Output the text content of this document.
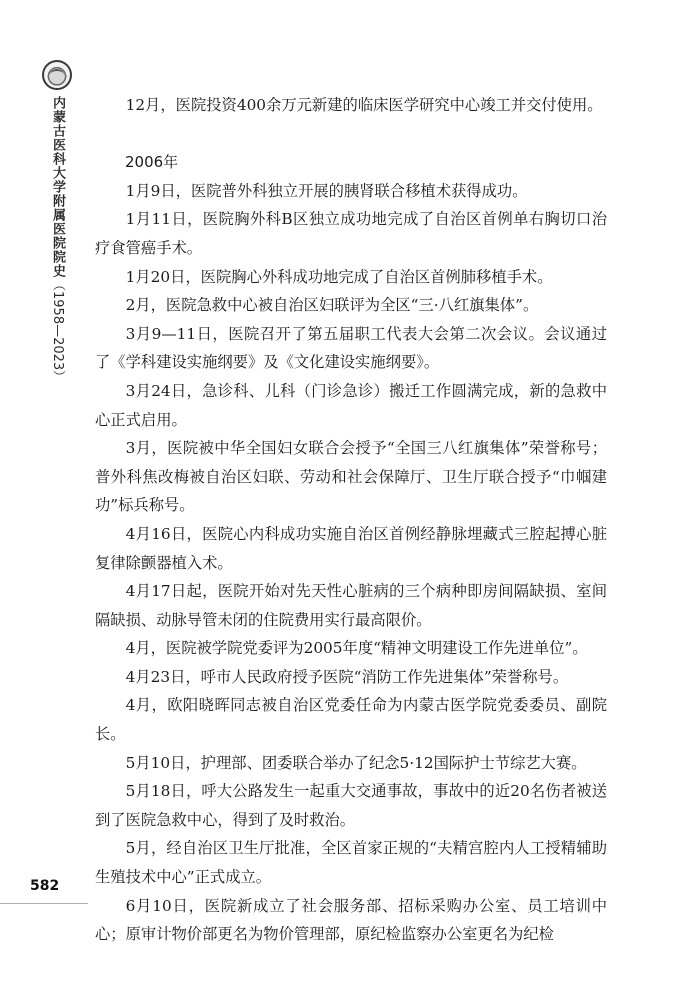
内蒙古医科大学附属医院院史（1958—2023）
582

12月，医院投资400余万元新建的临床医学研究中心竣工并交付使用。

2006年

1月9日，医院普外科独立开展的胰肾联合移植术获得成功。

1月11日，医院胸外科B区独立成功地完成了自治区首例单右胸切口治疗食管癌手术。

1月20日，医院胸心外科成功地完成了自治区首例肺移植手术。

2月，医院急救中心被自治区妇联评为全区“三·八红旗集体”。

3月9—11日，医院召开了第五届职工代表大会第二次会议。会议通过了《学科建设实施纲要》及《文化建设实施纲要》。

3月24日，急诊科、儿科（门诊急诊）搬迁工作圆满完成，新的急救中心正式启用。

3月，医院被中华全国妇女联合会授予“全国三八红旗集体”荣誉称号；普外科焦改梅被自治区妇联、劳动和社会保障厅、卫生厅联合授予“巾帼建功”标兵称号。

4月16日，医院心内科成功实施自治区首例经静脉埋藏式三腔起搏心脏复律除颤器植入术。

4月17日起，医院开始对先天性心脏病的三个病种即房间隔缺损、室间隔缺损、动脉导管未闭的住院费用实行最高限价。

4月，医院被学院党委评为2005年度“精神文明建设工作先进单位”。

4月23日，呼市人民政府授予医院“消防工作先进集体”荣誉称号。

4月，欧阳晓晖同志被自治区党委任命为内蒙古医学院党委委员、副院长。

5月10日，护理部、团委联合举办了纪念5·12国际护士节综艺大赛。

5月18日，呼大公路发生一起重大交通事故，事故中的近20名伤者被送到了医院急救中心，得到了及时救治。

5月，经自治区卫生厅批准，全区首家正规的“夫精宫腔内人工授精辅助生殖技术中心”正式成立。

6月10日，医院新成立了社会服务部、招标采购办公室、员工培训中心；原审计物价部更名为物价管理部，原纪检监察办公室更名为纪检
